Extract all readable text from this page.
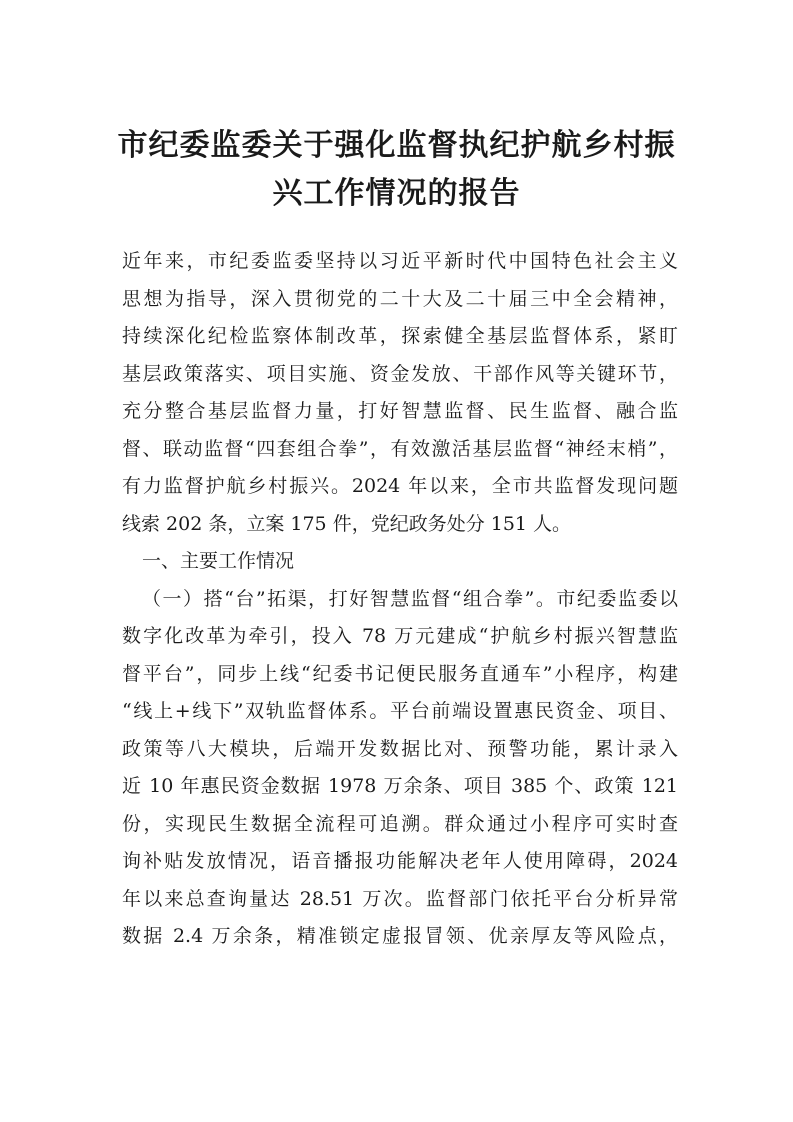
市纪委监委关于强化监督执纪护航乡村振
兴工作情况的报告
近年来，市纪委监委坚持以习近平新时代中国特色社会主义
思想为指导，深入贯彻党的二十大及二十届三中全会精神，
持续深化纪检监察体制改革，探索健全基层监督体系，紧盯
基层政策落实、项目实施、资金发放、干部作风等关键环节，
充分整合基层监督力量，打好智慧监督、民生监督、融合监
督、联动监督“四套组合拳”，有效激活基层监督“神经末梢”，
有力监督护航乡村振兴。2024 年以来，全市共监督发现问题
线索 202 条，立案 175 件，党纪政务处分 151 人。
一、主要工作情况
（一）搭“台”拓渠，打好智慧监督“组合拳”。市纪委监委以
数字化改革为牵引，投入 78 万元建成“护航乡村振兴智慧监
督平台”，同步上线“纪委书记便民服务直通车”小程序，构建
“线上+线下”双轨监督体系。平台前端设置惠民资金、项目、
政策等八大模块，后端开发数据比对、预警功能，累计录入
近 10 年惠民资金数据 1978 万余条、项目 385 个、政策 121
份，实现民生数据全流程可追溯。群众通过小程序可实时查
询补贴发放情况，语音播报功能解决老年人使用障碍，2024
年以来总查询量达 28.51 万次。监督部门依托平台分析异常
数据 2.4 万余条，精准锁定虚报冒领、优亲厚友等风险点，
